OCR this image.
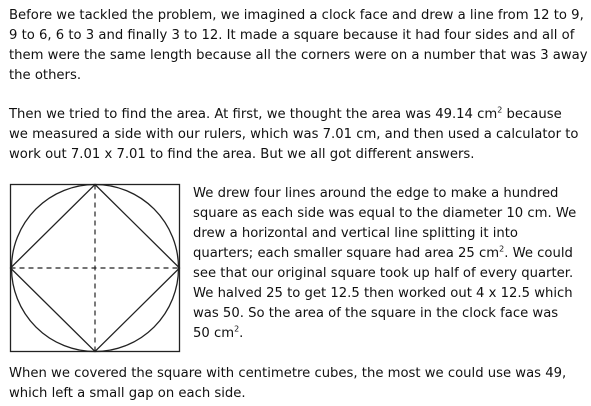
Before we tackled the problem, we imagined a clock face and drew a line from 12 to 9,
9 to 6, 6 to 3 and finally 3 to 12. It made a square because it had four sides and all of
them were the same length because all the corners were on a number that was 3 away
the others.
Then we tried to find the area. At first, we thought the area was 49.14 $cm^2$ because
we measured a side with our rulers, which was 7.01 cm, and then used a calculator to
work out 7.01 x 7.01 to find the area. But we all got different answers.
We drew four lines around the edge to make a hundred
square as each side was equal to the diameter 10 cm. We
drew a horizontal and vertical line splitting it into
quarters; each smaller square had area 25 $cm^2$. We could
see that our original square took up half of every quarter.
We halved 25 to get 12.5 then worked out 4 x 12.5 which
was 50. So the area of the square in the clock face was
50 $cm^2$.
When we covered the square with centimetre cubes, the most we could use was 49,
which left a small gap on each side.
